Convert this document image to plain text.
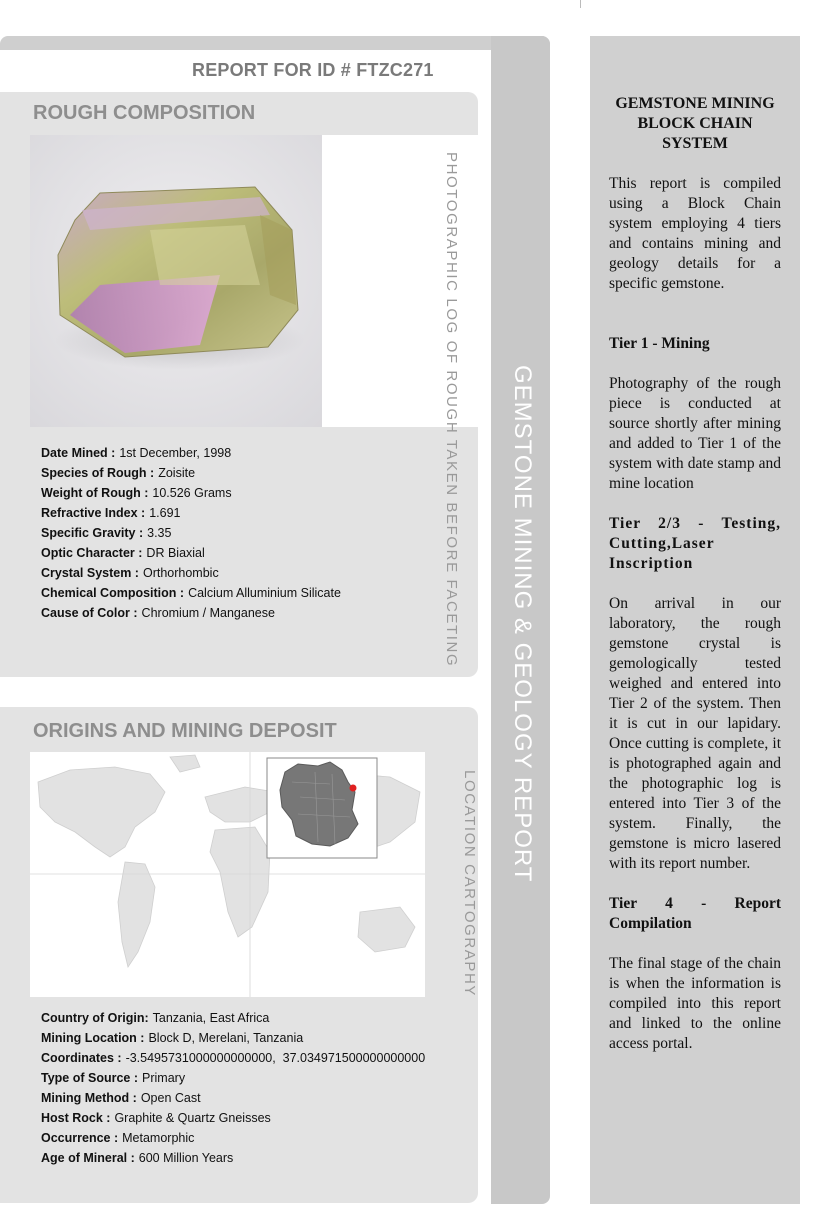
REPORT FOR ID # FTZC271
ROUGH COMPOSITION
PHOTOGRAPHIC LOG OF ROUGH TAKEN BEFORE FACETING
Date Mined : 1st December, 1998
Species of Rough : Zoisite
Weight of Rough : 10.526 Grams
Refractive Index : 1.691
Specific Gravity : 3.35
Optic Character : DR Biaxial
Crystal System : Orthorhombic
Chemical Composition : Calcium Alluminium Silicate
Cause of Color : Chromium / Manganese
ORIGINS AND MINING DEPOSIT
LOCATION CARTOGRAPHY
Country of Origin: Tanzania, East Africa
Mining Location : Block D, Merelani, Tanzania
Coordinates : -3.5495731000000000000,  37.034971500000000000
Type of Source : Primary
Mining Method : Open Cast
Host Rock : Graphite & Quartz Gneisses
Occurrence : Metamorphic
Age of Mineral : 600 Million Years
GEMSTONE MINING & GEOLOGY REPORT
GEMSTONE MINING BLOCK CHAIN SYSTEM

This report is compiled using a Block Chain system employing 4 tiers and contains mining and geology details for a specific gemstone.

Tier 1 - Mining

Photography of the rough piece is conducted at source shortly after mining and added to Tier 1 of the system with date stamp and mine location

Tier 2/3 - Testing, Cutting,Laser Inscription

On arrival in our laboratory, the rough gemstone crystal is gemologically tested weighed and entered into Tier 2 of the system. Then it is cut in our lapidary. Once cutting is complete, it is photographed again and the photographic log is entered into Tier 3 of the system. Finally, the gemstone is micro lasered with its report number.

Tier 4 - Report Compilation

The final stage of the chain is when the information is compiled into this report and linked to the online access portal.
